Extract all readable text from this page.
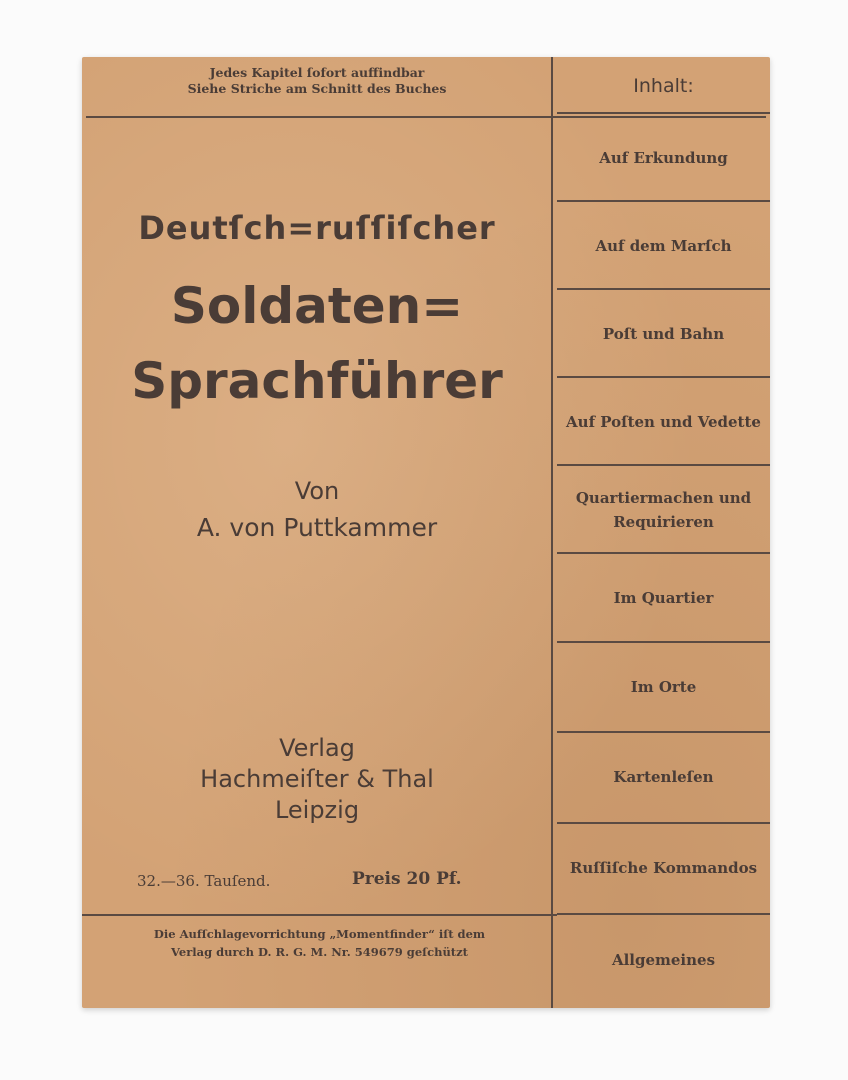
Jedes Kapitel ſofort auffindbar
Siehe Striche am Schnitt des Buches
Deutſch=ruſſiſcher
Soldaten=
Sprachführer
Von
A. von Puttkammer
Verlag
Hachmeiſter & Thal
Leipzig
32.—36. Tauſend.	Preis 20 Pf.
Die Aufſchlagevorrichtung „Momentfinder“ iſt dem
Verlag durch D. R. G. M. Nr. 549679 geſchützt
Inhalt:
Auf Erkundung
Auf dem Marſch
Poſt und Bahn
Auf Poſten und Vedette
Quartiermachen und Requirieren
Im Quartier
Im Orte
Kartenleſen
Ruſſiſche Kommandos
Allgemeines
